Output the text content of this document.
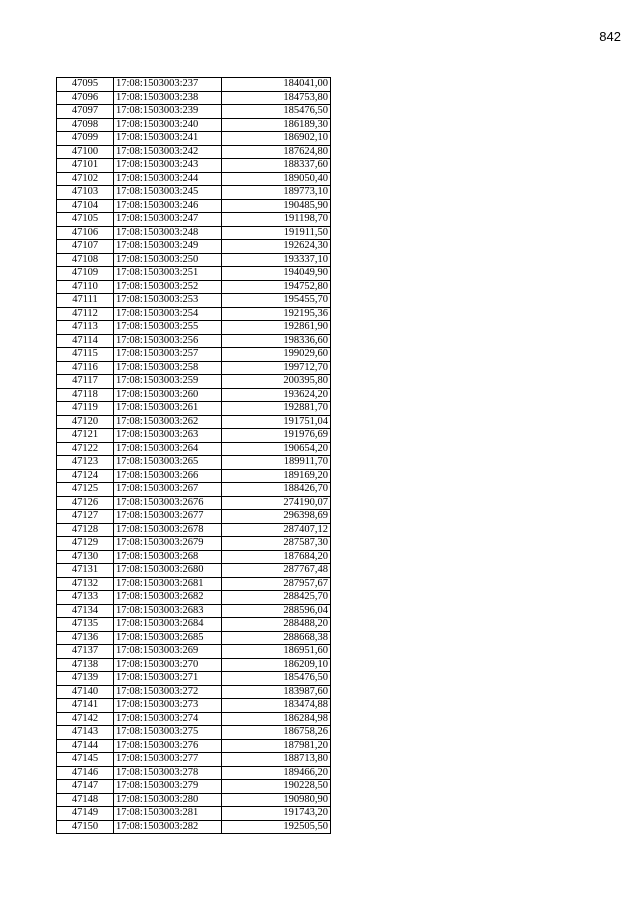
842
47095	17:08:1503003:237	184041,00
47096	17:08:1503003:238	184753,80
47097	17:08:1503003:239	185476,50
47098	17:08:1503003:240	186189,30
47099	17:08:1503003:241	186902,10
47100	17:08:1503003:242	187624,80
47101	17:08:1503003:243	188337,60
47102	17:08:1503003:244	189050,40
47103	17:08:1503003:245	189773,10
47104	17:08:1503003:246	190485,90
47105	17:08:1503003:247	191198,70
47106	17:08:1503003:248	191911,50
47107	17:08:1503003:249	192624,30
47108	17:08:1503003:250	193337,10
47109	17:08:1503003:251	194049,90
47110	17:08:1503003:252	194752,80
47111	17:08:1503003:253	195455,70
47112	17:08:1503003:254	192195,36
47113	17:08:1503003:255	192861,90
47114	17:08:1503003:256	198336,60
47115	17:08:1503003:257	199029,60
47116	17:08:1503003:258	199712,70
47117	17:08:1503003:259	200395,80
47118	17:08:1503003:260	193624,20
47119	17:08:1503003:261	192881,70
47120	17:08:1503003:262	191751,04
47121	17:08:1503003:263	191976,69
47122	17:08:1503003:264	190654,20
47123	17:08:1503003:265	189911,70
47124	17:08:1503003:266	189169,20
47125	17:08:1503003:267	188426,70
47126	17:08:1503003:2676	274190,07
47127	17:08:1503003:2677	296398,69
47128	17:08:1503003:2678	287407,12
47129	17:08:1503003:2679	287587,30
47130	17:08:1503003:268	187684,20
47131	17:08:1503003:2680	287767,48
47132	17:08:1503003:2681	287957,67
47133	17:08:1503003:2682	288425,70
47134	17:08:1503003:2683	288596,04
47135	17:08:1503003:2684	288488,20
47136	17:08:1503003:2685	288668,38
47137	17:08:1503003:269	186951,60
47138	17:08:1503003:270	186209,10
47139	17:08:1503003:271	185476,50
47140	17:08:1503003:272	183987,60
47141	17:08:1503003:273	183474,88
47142	17:08:1503003:274	186284,98
47143	17:08:1503003:275	186758,26
47144	17:08:1503003:276	187981,20
47145	17:08:1503003:277	188713,80
47146	17:08:1503003:278	189466,20
47147	17:08:1503003:279	190228,50
47148	17:08:1503003:280	190980,90
47149	17:08:1503003:281	191743,20
47150	17:08:1503003:282	192505,50
